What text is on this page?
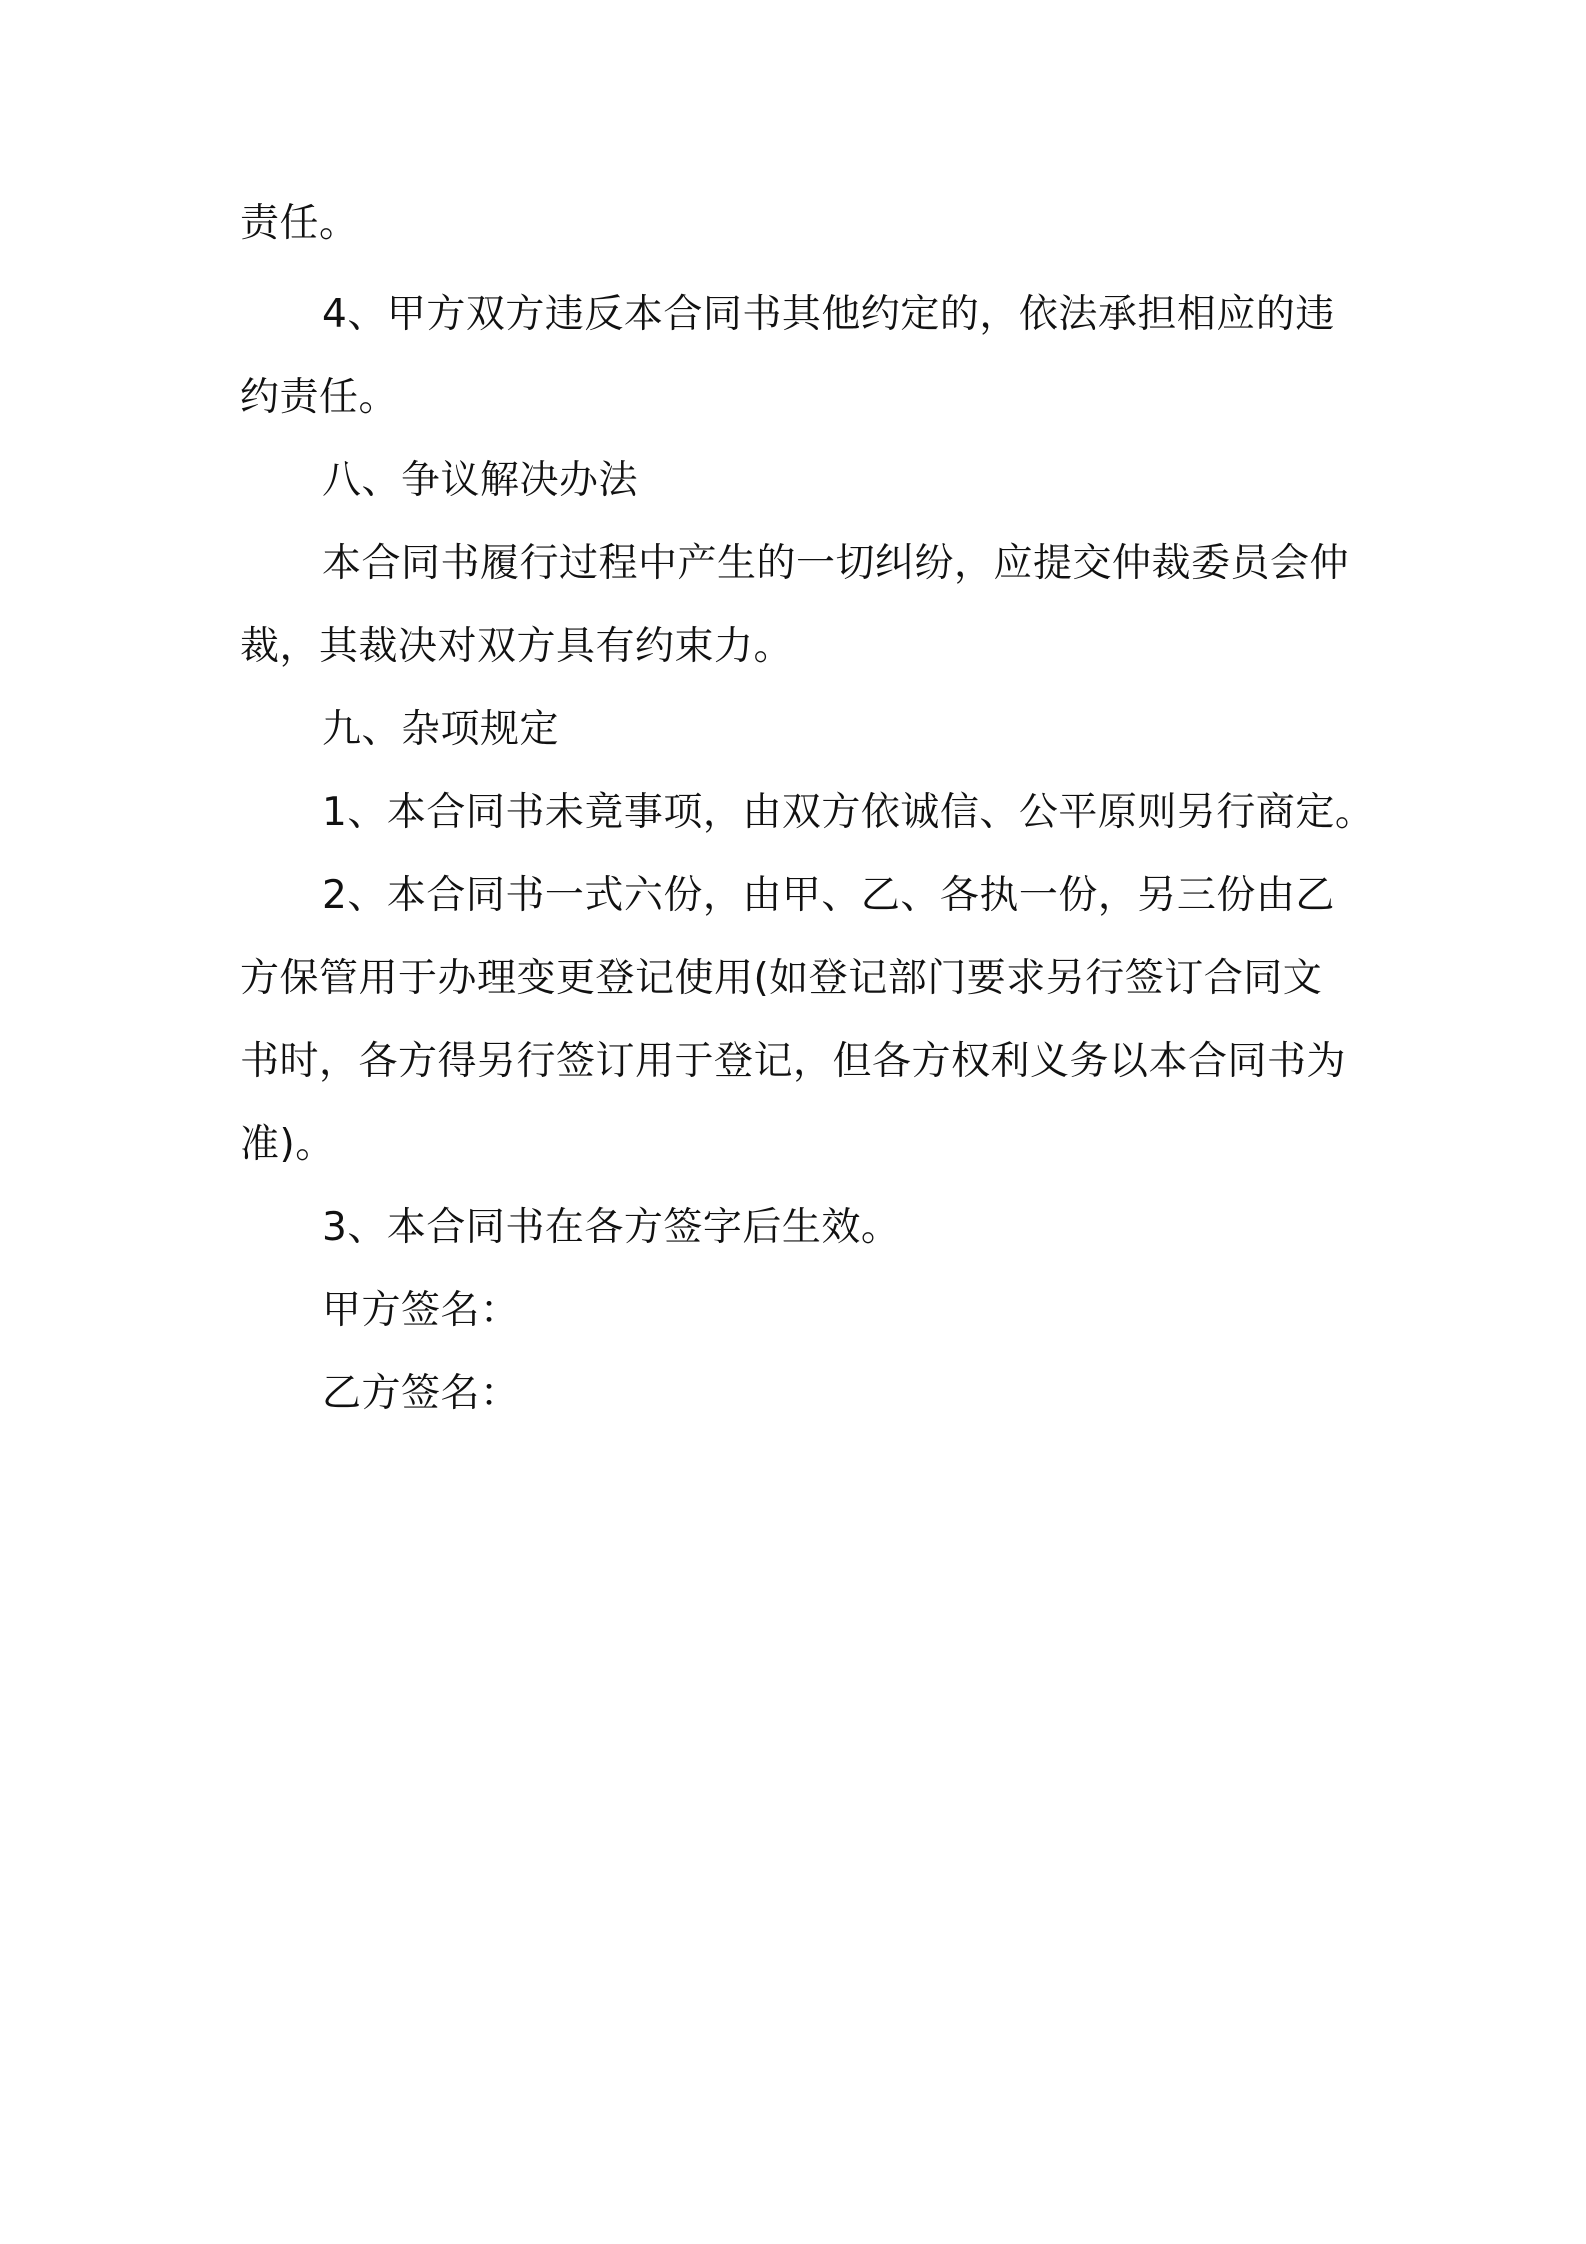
责任。
4、甲方双方违反本合同书其他约定的，依法承担相应的违
约责任。
八、争议解决办法
本合同书履行过程中产生的一切纠纷，应提交仲裁委员会仲
裁，其裁决对双方具有约束力。
九、杂项规定
1、本合同书未竟事项，由双方依诚信、公平原则另行商定。
2、本合同书一式六份，由甲、乙、各执一份，另三份由乙
方保管用于办理变更登记使用(如登记部门要求另行签订合同文
书时，各方得另行签订用于登记，但各方权利义务以本合同书为
准)。
3、本合同书在各方签字后生效。
甲方签名：
乙方签名：
